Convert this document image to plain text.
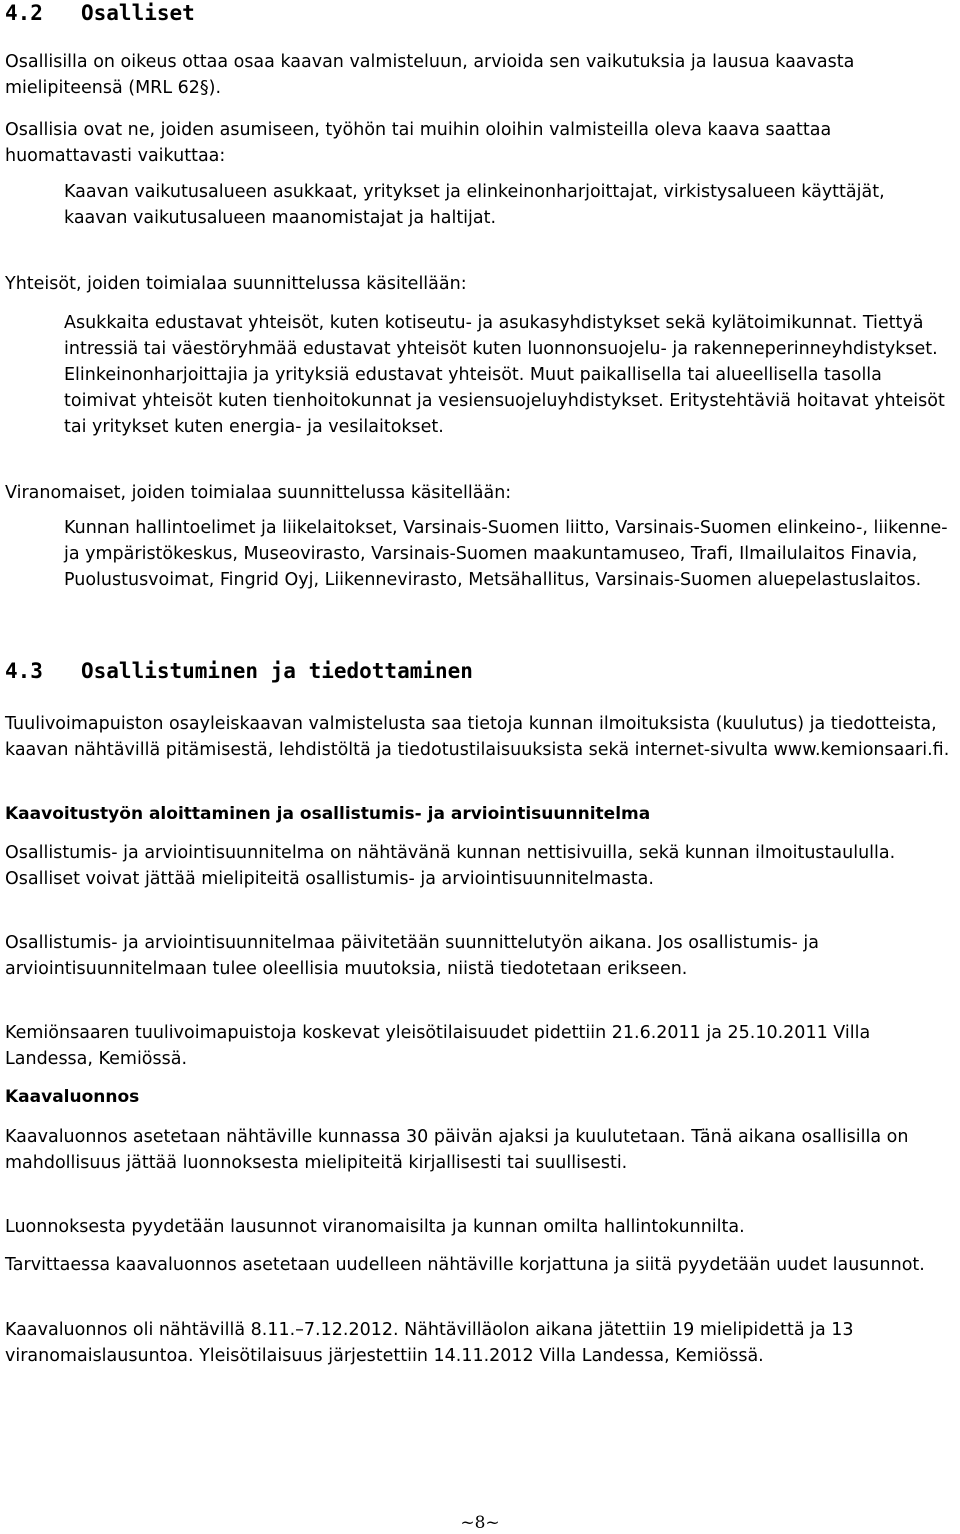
4.2 Osalliset

Osallisilla on oikeus ottaa osaa kaavan valmisteluun, arvioida sen vaikutuksia ja lausua kaavasta mielipiteensä (MRL 62§).

Osallisia ovat ne, joiden asumiseen, työhön tai muihin oloihin valmisteilla oleva kaava saattaa huomattavasti vaikuttaa:

Kaavan vaikutusalueen asukkaat, yritykset ja elinkeinonharjoittajat, virkistysalueen käyttäjät, kaavan vaikutusalueen maanomistajat ja haltijat.

Yhteisöt, joiden toimialaa suunnittelussa käsitellään:

Asukkaita edustavat yhteisöt, kuten kotiseutu- ja asukasyhdistykset sekä kylätoimikunnat. Tiettyä intressiä tai väestöryhmää edustavat yhteisöt kuten luonnonsuojelu- ja rakenneperinneyhdistykset. Elinkeinonharjoittajia ja yrityksiä edustavat yhteisöt. Muut paikallisella tai alueellisella tasolla toimivat yhteisöt kuten tienhoitokunnat ja vesiensuojeluyhdistykset. Eritystehtäviä hoitavat yhteisöt tai yritykset kuten energia- ja vesilaitokset.

Viranomaiset, joiden toimialaa suunnittelussa käsitellään:

Kunnan hallintoelimet ja liikelaitokset, Varsinais-Suomen liitto, Varsinais-Suomen elinkeino-, liikenne- ja ympäristökeskus, Museovirasto, Varsinais-Suomen maakuntamuseo, Trafi, Ilmailulaitos Finavia, Puolustusvoimat, Fingrid Oyj, Liikennevirasto, Metsähallitus, Varsinais-Suomen aluepelastuslaitos.

4.3 Osallistuminen ja tiedottaminen

Tuulivoimapuiston osayleiskaavan valmistelusta saa tietoja kunnan ilmoituksista (kuulutus) ja tiedotteista, kaavan nähtävillä pitämisestä, lehdistöltä ja tiedotustilaisuuksista sekä internet-sivulta www.kemionsaari.fi.

Kaavoitustyön aloittaminen ja osallistumis- ja arviointisuunnitelma

Osallistumis- ja arviointisuunnitelma on nähtävänä kunnan nettisivuilla, sekä kunnan ilmoitustaululla. Osalliset voivat jättää mielipiteitä osallistumis- ja arviointisuunnitelmasta.

Osallistumis- ja arviointisuunnitelmaa päivitetään suunnittelutyön aikana. Jos osallistumis- ja arviointisuunnitelmaan tulee oleellisia muutoksia, niistä tiedotetaan erikseen.

Kemiönsaaren tuulivoimapuistoja koskevat yleisötilaisuudet pidettiin 21.6.2011 ja 25.10.2011 Villa Landessa, Kemiössä.

Kaavaluonnos

Kaavaluonnos asetetaan nähtäville kunnassa 30 päivän ajaksi ja kuulutetaan. Tänä aikana osallisilla on mahdollisuus jättää luonnoksesta mielipiteitä kirjallisesti tai suullisesti.

Luonnoksesta pyydetään lausunnot viranomaisilta ja kunnan omilta hallintokunnilta.

Tarvittaessa kaavaluonnos asetetaan uudelleen nähtäville korjattuna ja siitä pyydetään uudet lausunnot.

Kaavaluonnos oli nähtävillä 8.11.–7.12.2012. Nähtävilläolon aikana jätettiin 19 mielipidettä ja 13 viranomaislausuntoa. Yleisötilaisuus järjestettiin 14.11.2012 Villa Landessa, Kemiössä.

~8~
